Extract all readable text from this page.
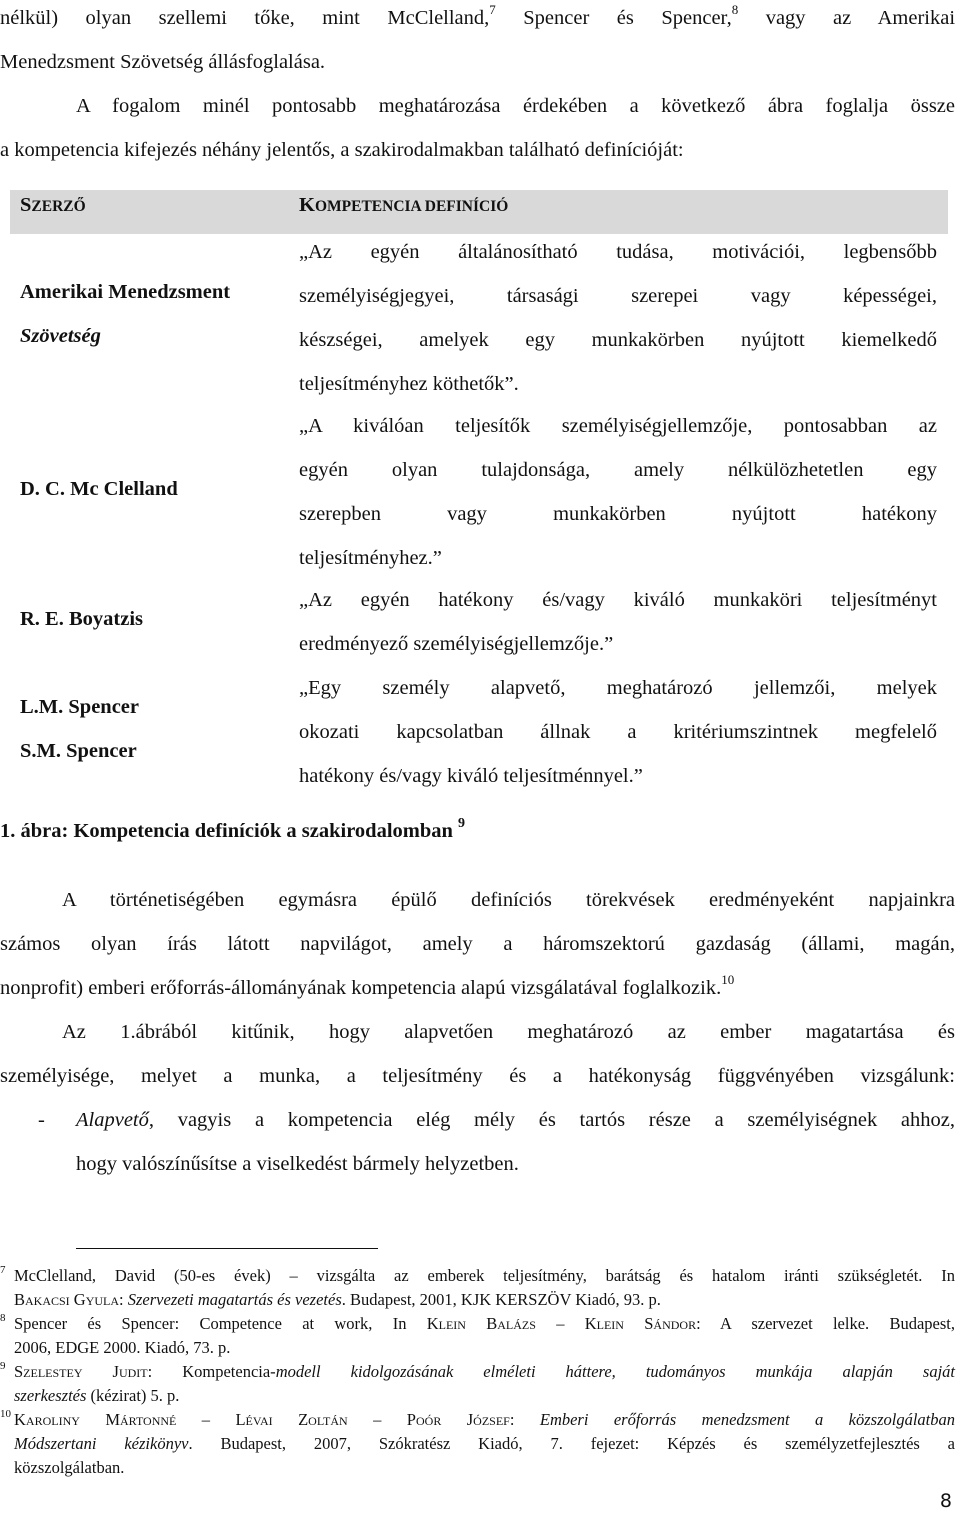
nélkül) olyan szellemi tőke, mint McClelland,$^7$ Spencer és Spencer,$^8$ vagy az Amerikai
Menedzsment Szövetség állásfoglalása.
A fogalom minél pontosabb meghatározása érdekében a következő ábra foglalja össze
a kompetencia kifejezés néhány jelentős, a szakirodalmakban található definícióját:
SZERZŐ	KOMPETENCIA DEFINÍCIÓ
Amerikai Menedzsment
Szövetség
„Az egyén általánosítható tudása, motivációi, legbensőbb
személyiségjegyei, társasági szerepei vagy képességei,
készségei, amelyek egy munkakörben nyújtott kiemelkedő
teljesítményhez köthetők”.
D. C. Mc Clelland
„A kiválóan teljesítők személyiségjellemzője, pontosabban az
egyén olyan tulajdonsága, amely nélkülözhetetlen egy
szerepben vagy munkakörben nyújtott hatékony
teljesítményhez.”
R. E. Boyatzis
„Az egyén hatékony és/vagy kiváló munkaköri teljesítményt
eredményező személyiségjellemzője.”
L.M. Spencer
S.M. Spencer
„Egy személy alapvető, meghatározó jellemzői, melyek
okozati kapcsolatban állnak a kritériumszintnek megfelelő
hatékony és/vagy kiváló teljesítménnyel.”
1. ábra: Kompetencia definíciók a szakirodalomban $^9$
A történetiségében egymásra épülő definíciós törekvések eredményeként napjainkra
számos olyan írás látott napvilágot, amely a háromszektorú gazdaság (állami, magán,
nonprofit) emberi erőforrás-állományának kompetencia alapú vizsgálatával foglalkozik.$^{10}$
Az 1.ábrából kitűnik, hogy alapvetően meghatározó az ember magatartása és
személyisége, melyet a munka, a teljesítmény és a hatékonyság függvényében vizsgálunk:
-	Alapvető, vagyis a kompetencia elég mély és tartós része a személyiségnek ahhoz,
hogy valószínűsítse a viselkedést bármely helyzetben.
7 McClelland, David (50-es évek) – vizsgálta az emberek teljesítmény, barátság és hatalom iránti szükségletét. In
Bakacsi Gyula: Szervezeti magatartás és vezetés. Budapest, 2001, KJK KERSZÖV Kiadó, 93. p.
8 Spencer és Spencer: Competence at work, In Klein Balázs – Klein Sándor: A szervezet lelke. Budapest,
2006, EDGE 2000. Kiadó, 73. p.
9 Szelestey Judit: Kompetencia-modell kidolgozásának elméleti háttere, tudományos munkája alapján saját
szerkesztés (kézirat) 5. p.
10 Karoliny Mártonné – Lévai Zoltán – Poór József: Emberi erőforrás menedzsment a közszolgálatban
Módszertani kézikönyv. Budapest, 2007, Szókratész Kiadó, 7. fejezet: Képzés és személyzetfejlesztés a
közszolgálatban.
8
